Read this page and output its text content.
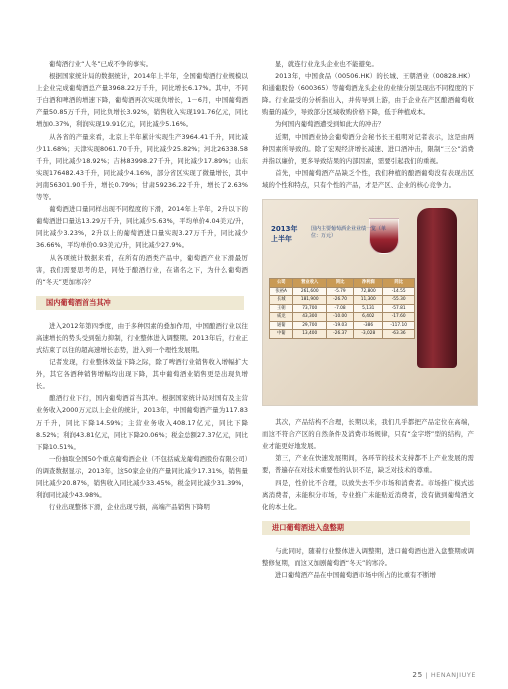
　　葡萄酒行业“人冬”已成不争的事实。

　　根据国家统计局的数据统计，2014年上半年，全国葡萄酒行业规模以上企业完成葡萄酒总产量3968.22万千升，同比增长6.17%。其中，不同于白酒和啤酒的增速下降，葡萄酒再次实现负增长，1－6月，中国葡萄酒产量50.85万千升，同比负增长3.92%，销售收入实现191.76亿元，同比增加0.37%，利润实现19.91亿元，同比减少5.16%。

　　从各省的产量来看，北京上半年累计实现生产3964.41千升，同比减少11.68%；天津实现8061.70千升，同比减少25.82%；河北26338.58千升，同比减少18.92%；吉林83998.27千升，同比减少17.89%；山东实现176482.43千升，同比减少4.16%，部分省区实现了微量增长，其中河南56301.90千升，增长0.79%；甘肃59236.22千升，增长了2.63%等等。

　　葡萄酒进口量同样出现不同程度的下滑，2014年上半年，2升以下的葡萄酒进口量达13.29万千升，同比减少5.63%，平均单价4.04美元/升，同比减少3.23%，2升以上的葡萄酒进口量实现3.27万千升，同比减少36.66%，平均单价0.93美元/升，同比减少27.9%。

　　从各项统计数据来看，在所有的酒类产品中，葡萄酒产业下滑最厉害，我们需要思考的是，同处于酿酒行业，在诸名之下，为什么葡萄酒的“冬天”更加寒冷？

国内葡萄酒首当其冲

　　进入2012年第四季度，由于多种因素的叠加作用，中国酿酒行业以往高速增长的势头受到强力抑制，行业整体进入调整期。2013年后，行业正式结束了以往的超高速增长态势，进入到一个理性发展期。

　　记者发现，行业整体效益下降之际，除了啤酒行业销售收入增幅扩大外，其它各酒种销售增幅均出现下降，其中葡萄酒业销售更是出现负增长。

　　酿酒行业下行，国内葡萄酒首当其冲。根据国家统计局对国有及主营业务收入2000万元以上企业的统计，2013年，中国葡萄酒产量为117.83万千升，同比下降14.59%；主营业务收入408.17亿元，同比下降8.52%；利润43.81亿元，同比下降20.06%；税金总额27.37亿元，同比下降10.51%。

　　一份抽取全国50个重点葡萄酒企业（不包括威龙葡萄酒股份有限公司）的调查数据显示，2013年，这50家企业的产量同比减少17.31%，销售量同比减少20.87%，销售收入同比减少33.45%，税金同比减少31.39%，利润同比减少43.98%。

　　行业出现整体下滑，企业出现亏损，高端产品销售下降明

　　显，就连行业龙头企业也不能避免。

　　2013年，中国食品（00506.HK）的长城、王朝酒业（00828.HK）和通葡股份（600365）等葡萄酒龙头企业的业绩分别呈现出不同程度的下降。行业最受的分析指出入，并传导到上游，由于企业在产区酿酒葡萄收购量的减少，导致部分区域收购价格下降，低于种植成本。

　　为何国内葡萄酒遭受到如此大的冲击？

　　近期，中国酒业协会葡萄酒分会秘书长王祖明对记者表示，这是由两种因素所导致的。除了宏观经济增长减速、进口酒冲击，限制“三公”消费并指以廉价，更多导致结果的内部因素，需要引起我们的重视。

　　首先，中国葡萄酒产品缺乏个性，我们种植的酿酒葡萄没有表现出区域的个性和特点，只有个性的产品，才是产区、企业的核心竞争力。

2013年
上半年
国内主要葡萄酒企业业绩一览（单位：万元）
公司	营业收入	同比	净利润	同比
张裕A	261,600	-5.79	72,800	-14.55
长城	181,900	-26.70	11,300	-55.30
王朝	73,700	-7.08	5,131	-57.81
威龙	43,300	-10.00	6,402	-17.60
通葡	29,700	-19.03	-386	-117.10
中葡	13,400	-26.37	-3,028	-63.36

　　其次，产品结构不合理，长期以来，我们几乎都把产品定位在高端，而这不符合产区的自然条件及消费市场规律，只有“金字塔”型的结构，产业才能更好地发展。

　　第三，产业在快速发展期间，各环节的技术支持都不上产业发展的需要，普遍存在对技术重要性的认识不足，缺乏对技术的尊重。

　　四是，性价比不合理，以致失去不少市场和消费者。市场推广模式远离消费者，未能积分市场，专业推广未能贴近消费者，没有做到葡萄酒文化的本土化。

进口葡萄酒进入盘整期

　　与此同时，随着行业整体进入调整期，进口葡萄酒也进入盘整期或调整修复期，而这又加剧葡萄酒“冬天”的寒冷。

　　进口葡萄酒产品在中国葡萄酒市场中所占的比重有不断增

25 | HENANJIUYE
